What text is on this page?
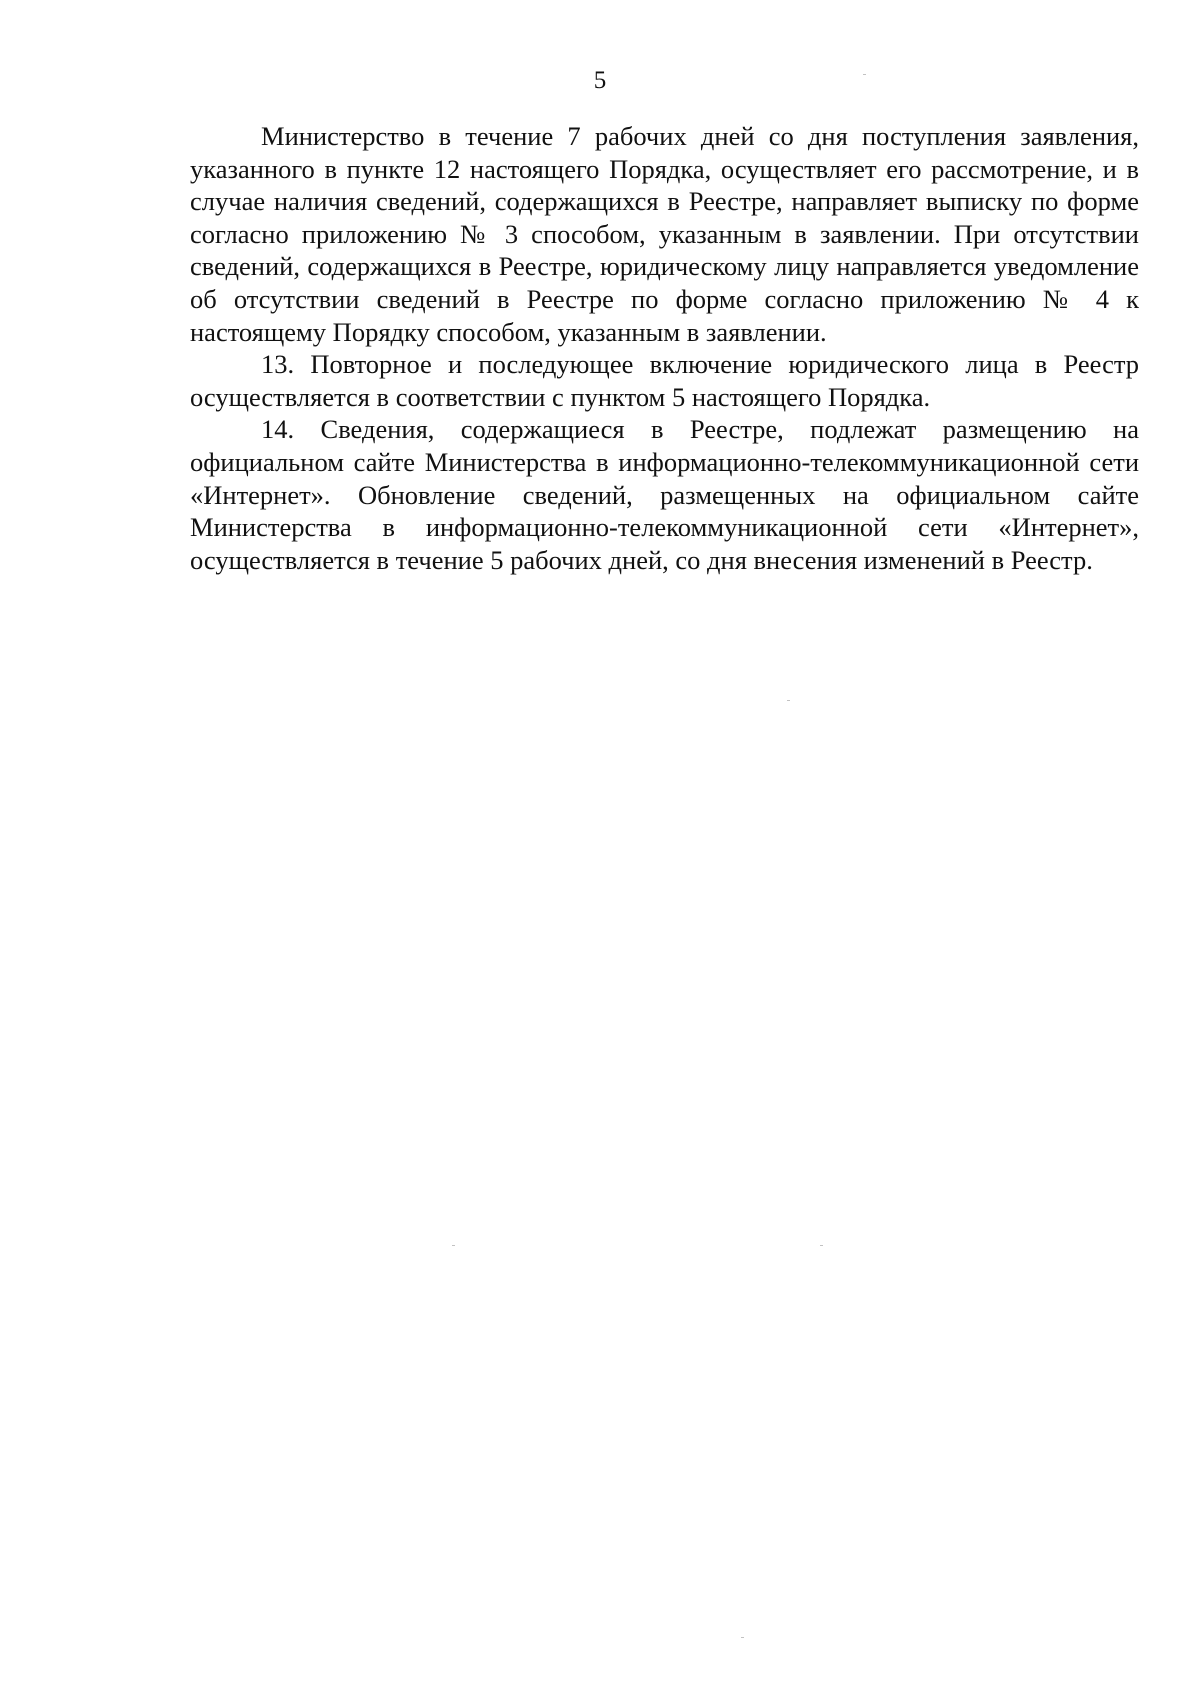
5

Министерство в течение 7 рабочих дней со дня поступления заявления, указанного в пункте 12 настоящего Порядка, осуществляет его рассмотрение, и в случае наличия сведений, содержащихся в Реестре, направляет выписку по форме согласно приложению № 3 способом, указанным в заявлении. При отсутствии сведений, содержащихся в Реестре, юридическому лицу направляется уведомление об отсутствии сведений в Реестре по форме согласно приложению № 4 к настоящему Порядку способом, указанным в заявлении.

13. Повторное и последующее включение юридического лица в Реестр осуществляется в соответствии с пунктом 5 настоящего Порядка.

14. Сведения, содержащиеся в Реестре, подлежат размещению на официальном сайте Министерства в информационно-телекоммуникационной сети «Интернет». Обновление сведений, размещенных на официальном сайте Министерства в информационно-телекоммуникационной сети «Интернет», осуществляется в течение 5 рабочих дней, со дня внесения изменений в Реестр.
